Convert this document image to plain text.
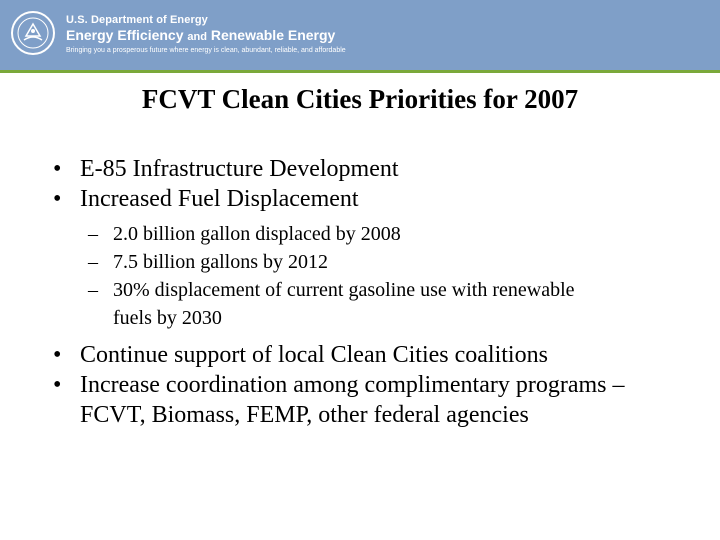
U.S. Department of Energy
Energy Efficiency and Renewable Energy
Bringing you a prosperous future where energy is clean, abundant, reliable, and affordable
FCVT Clean Cities Priorities for 2007
• E-85 Infrastructure Development
• Increased Fuel Displacement
– 2.0 billion gallon displaced by 2008
– 7.5 billion gallons by 2012
– 30% displacement of current gasoline use with renewable fuels by 2030
• Continue support of local Clean Cities coalitions
• Increase coordination among complimentary programs – FCVT, Biomass, FEMP, other federal agencies
